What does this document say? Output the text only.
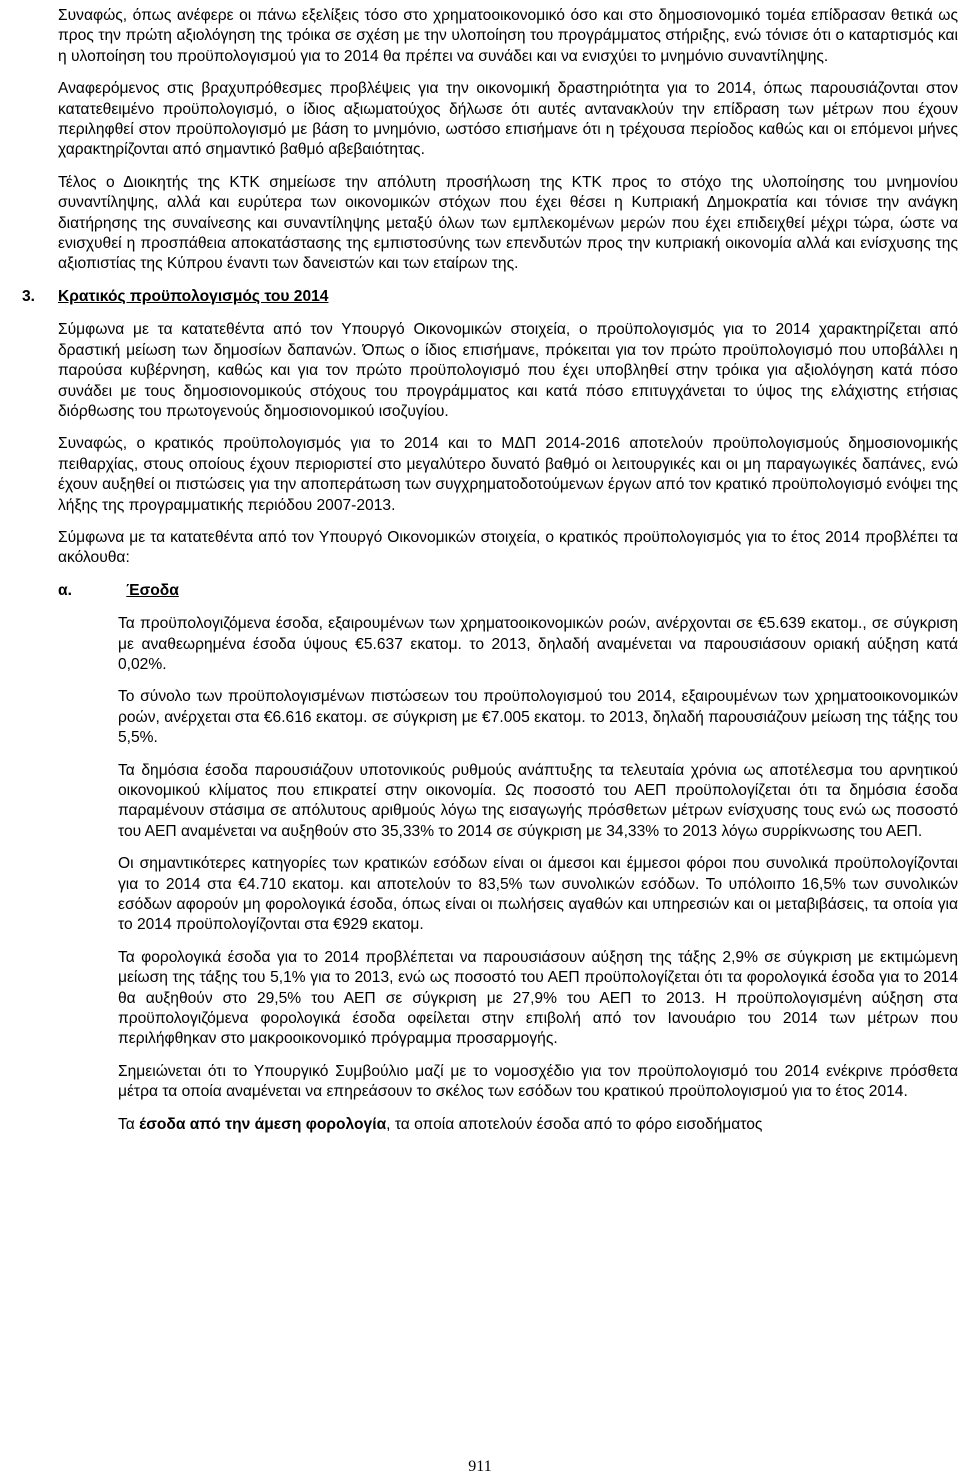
Συναφώς, όπως ανέφερε οι πάνω εξελίξεις τόσο στο χρηματοοικονομικό όσο και στο δημοσιονομικό τομέα επίδρασαν θετικά ως προς την πρώτη αξιολόγηση της τρόικα σε σχέση με την υλοποίηση του προγράμματος στήριξης, ενώ τόνισε ότι ο καταρτισμός και η υλοποίηση του προϋπολογισμού για το 2014 θα πρέπει να συνάδει και να ενισχύει το μνημόνιο συναντίληψης.

Αναφερόμενος στις βραχυπρόθεσμες προβλέψεις για την οικονομική δραστηριότητα για το 2014, όπως παρουσιάζονται στον κατατεθειμένο προϋπολογισμό, ο ίδιος αξιωματούχος δήλωσε ότι αυτές αντανακλούν την επίδραση των μέτρων που έχουν περιληφθεί στον προϋπολογισμό με βάση το μνημόνιο, ωστόσο επισήμανε ότι η τρέχουσα περίοδος καθώς και οι επόμενοι μήνες χαρακτηρίζονται από σημαντικό βαθμό αβεβαιότητας.

Τέλος ο Διοικητής της ΚΤΚ σημείωσε την απόλυτη προσήλωση της ΚΤΚ προς το στόχο της υλοποίησης του μνημονίου συναντίληψης, αλλά και ευρύτερα των οικονομικών στόχων που έχει θέσει η Κυπριακή Δημοκρατία και τόνισε την ανάγκη διατήρησης της συναίνεσης και συναντίληψης μεταξύ όλων των εμπλεκομένων μερών που έχει επιδειχθεί μέχρι τώρα, ώστε να ενισχυθεί η προσπάθεια αποκατάστασης της εμπιστοσύνης των επενδυτών προς την κυπριακή οικονομία αλλά και ενίσχυσης της αξιοπιστίας της Κύπρου έναντι των δανειστών και των εταίρων της.

3. Κρατικός προϋπολογισμός του 2014

Σύμφωνα με τα κατατεθέντα από τον Υπουργό Οικονομικών στοιχεία, ο προϋπολογισμός για το 2014 χαρακτηρίζεται από δραστική μείωση των δημοσίων δαπανών. Όπως ο ίδιος επισήμανε, πρόκειται για τον πρώτο προϋπολογισμό που υποβάλλει η παρούσα κυβέρνηση, καθώς και για τον πρώτο προϋπολογισμό που έχει υποβληθεί στην τρόικα για αξιολόγηση κατά πόσο συνάδει με τους δημοσιονομικούς στόχους του προγράμματος και κατά πόσο επιτυγχάνεται το ύψος της ελάχιστης ετήσιας διόρθωσης του πρωτογενούς δημοσιονομικού ισοζυγίου.

Συναφώς, ο κρατικός προϋπολογισμός για το 2014 και το ΜΔΠ 2014-2016 αποτελούν προϋπολογισμούς δημοσιονομικής πειθαρχίας, στους οποίους έχουν περιοριστεί στο μεγαλύτερο δυνατό βαθμό οι λειτουργικές και οι μη παραγωγικές δαπάνες, ενώ έχουν αυξηθεί οι πιστώσεις για την αποπεράτωση των συγχρηματοδοτούμενων έργων από τον κρατικό προϋπολογισμό ενόψει της λήξης της προγραμματικής περιόδου 2007-2013.

Σύμφωνα με τα κατατεθέντα από τον Υπουργό Οικονομικών στοιχεία, ο κρατικός προϋπολογισμός για το έτος 2014 προβλέπει τα ακόλουθα:

α.	Έσοδα

Τα προϋπολογιζόμενα έσοδα, εξαιρουμένων των χρηματοοικονομικών ροών, ανέρχονται σε €5.639 εκατομ., σε σύγκριση με αναθεωρημένα έσοδα ύψους €5.637 εκατομ. το 2013, δηλαδή αναμένεται να παρουσιάσουν οριακή αύξηση κατά 0,02%.

Το σύνολο των προϋπολογισμένων πιστώσεων του προϋπολογισμού του 2014, εξαιρουμένων των χρηματοοικονομικών ροών, ανέρχεται στα €6.616 εκατομ. σε σύγκριση με €7.005 εκατομ. το 2013, δηλαδή παρουσιάζουν μείωση της τάξης του 5,5%.

Τα δημόσια έσοδα παρουσιάζουν υποτονικούς ρυθμούς ανάπτυξης τα τελευταία χρόνια ως αποτέλεσμα του αρνητικού οικονομικού κλίματος που επικρατεί στην οικονομία. Ως ποσοστό του ΑΕΠ προϋπολογίζεται ότι τα δημόσια έσοδα παραμένουν στάσιμα σε απόλυτους αριθμούς λόγω της εισαγωγής πρόσθετων μέτρων ενίσχυσης τους ενώ ως ποσοστό του ΑΕΠ αναμένεται να αυξηθούν στο 35,33% το 2014 σε σύγκριση με 34,33% το 2013 λόγω συρρίκνωσης του ΑΕΠ.

Οι σημαντικότερες κατηγορίες των κρατικών εσόδων είναι οι άμεσοι και έμμεσοι φόροι που συνολικά προϋπολογίζονται για το 2014 στα €4.710 εκατομ. και αποτελούν το 83,5% των συνολικών εσόδων. Το υπόλοιπο 16,5% των συνολικών εσόδων αφορούν μη φορολογικά έσοδα, όπως είναι οι πωλήσεις αγαθών και υπηρεσιών και οι μεταβιβάσεις, τα οποία για το 2014 προϋπολογίζονται στα €929 εκατομ.

Τα φορολογικά έσοδα για το 2014 προβλέπεται να παρουσιάσουν αύξηση της τάξης 2,9% σε σύγκριση με εκτιμώμενη μείωση της τάξης του 5,1% για το 2013, ενώ ως ποσοστό του ΑΕΠ προϋπολογίζεται ότι τα φορολογικά έσοδα για το 2014 θα αυξηθούν στο 29,5% του ΑΕΠ σε σύγκριση με 27,9% του ΑΕΠ το 2013. Η προϋπολογισμένη αύξηση στα προϋπολογιζόμενα φορολογικά έσοδα οφείλεται στην επιβολή από τον Ιανουάριο του 2014 των μέτρων που περιλήφθηκαν στο μακροοικονομικό πρόγραμμα προσαρμογής.

Σημειώνεται ότι το Υπουργικό Συμβούλιο μαζί με το νομοσχέδιο για τον προϋπολογισμό του 2014 ενέκρινε πρόσθετα μέτρα τα οποία αναμένεται να επηρεάσουν το σκέλος των εσόδων του κρατικού προϋπολογισμού για το έτος 2014.

Τα έσοδα από την άμεση φορολογία, τα οποία αποτελούν έσοδα από το φόρο εισοδήματος

911
